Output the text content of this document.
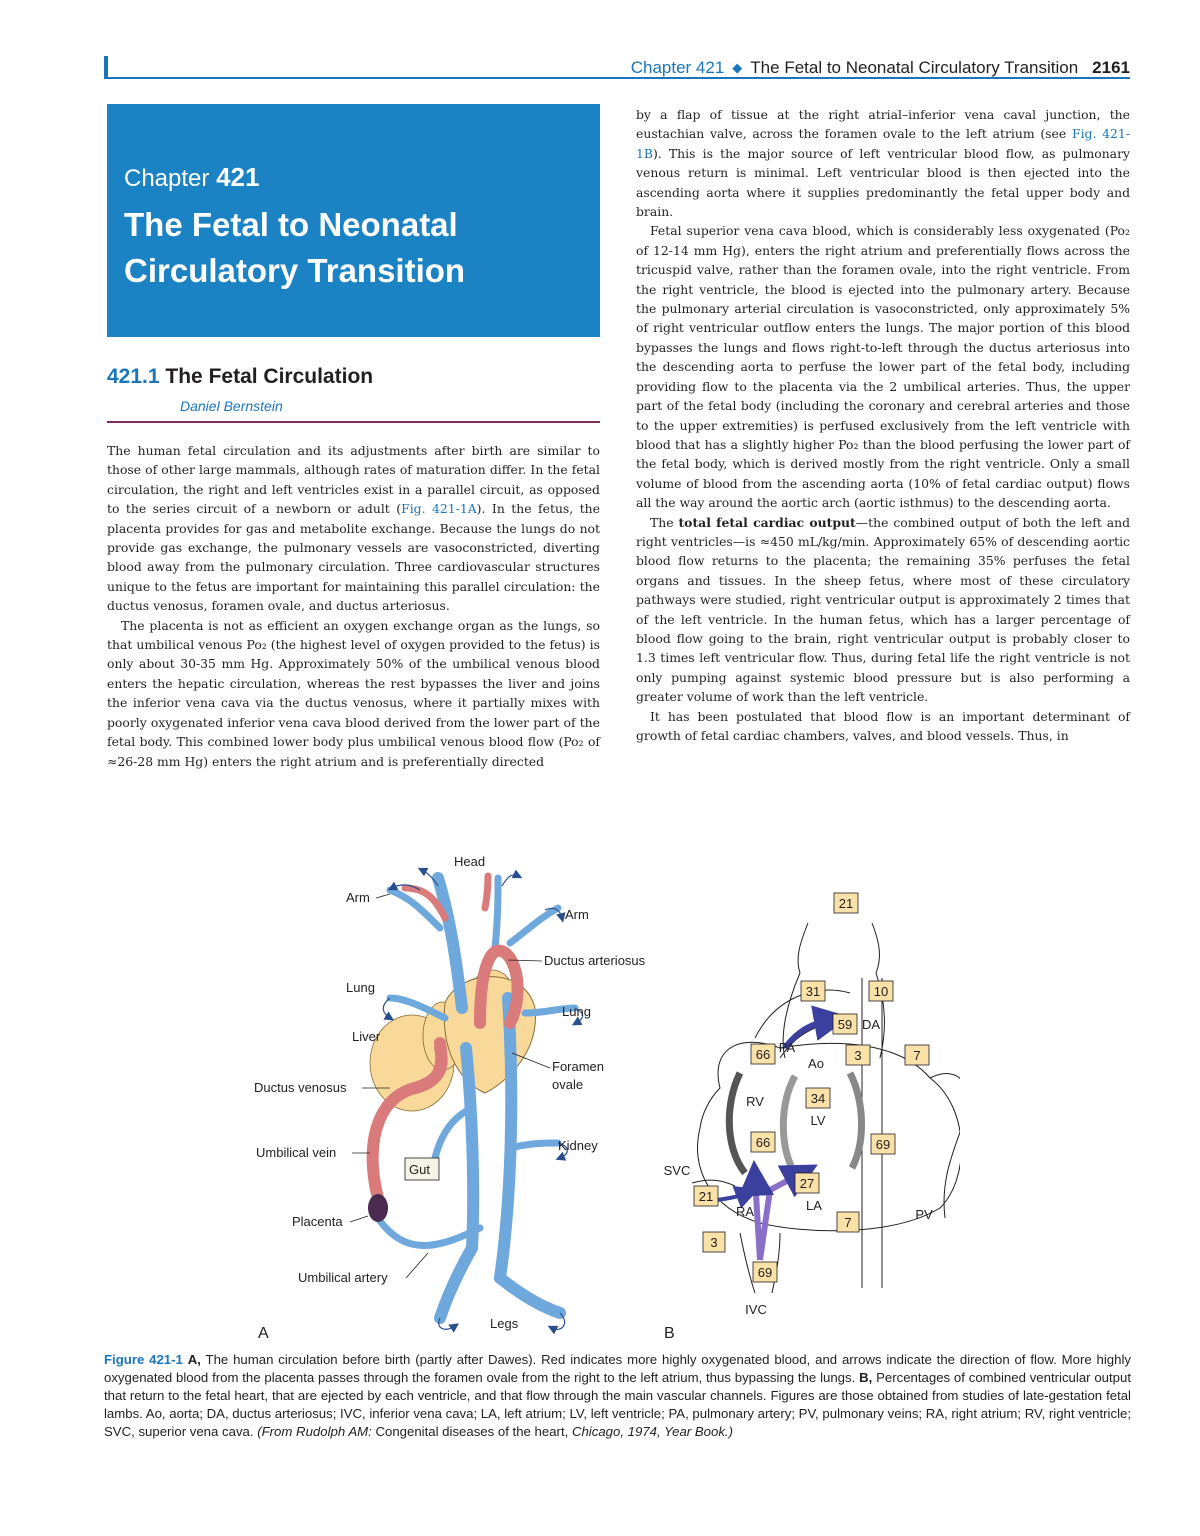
Chapter 421 ◆ The Fetal to Neonatal Circulatory Transition 2161
Chapter 421
The Fetal to Neonatal
Circulatory Transition
421.1 The Fetal Circulation
Daniel Bernstein

The human fetal circulation and its adjustments after birth are similar to those of other large mammals, although rates of maturation differ. In the fetal circulation, the right and left ventricles exist in a parallel circuit, as opposed to the series circuit of a newborn or adult (Fig. 421-1A). In the fetus, the placenta provides for gas and metabolite exchange. Because the lungs do not provide gas exchange, the pulmonary vessels are vasoconstricted, diverting blood away from the pulmonary circulation. Three cardiovascular structures unique to the fetus are important for maintaining this parallel circulation: the ductus venosus, foramen ovale, and ductus arteriosus.

The placenta is not as efficient an oxygen exchange organ as the lungs, so that umbilical venous Po₂ (the highest level of oxygen provided to the fetus) is only about 30-35 mm Hg. Approximately 50% of the umbilical venous blood enters the hepatic circulation, whereas the rest bypasses the liver and joins the inferior vena cava via the ductus venosus, where it partially mixes with poorly oxygenated inferior vena cava blood derived from the lower part of the fetal body. This combined lower body plus umbilical venous blood flow (Po₂ of ≈26-28 mm Hg) enters the right atrium and is preferentially directed

by a flap of tissue at the right atrial–inferior vena caval junction, the eustachian valve, across the foramen ovale to the left atrium (see Fig. 421-1B). This is the major source of left ventricular blood flow, as pulmonary venous return is minimal. Left ventricular blood is then ejected into the ascending aorta where it supplies predominantly the fetal upper body and brain.

Fetal superior vena cava blood, which is considerably less oxygenated (Po₂ of 12-14 mm Hg), enters the right atrium and preferentially flows across the tricuspid valve, rather than the foramen ovale, into the right ventricle. From the right ventricle, the blood is ejected into the pulmonary artery. Because the pulmonary arterial circulation is vasoconstricted, only approximately 5% of right ventricular outflow enters the lungs. The major portion of this blood bypasses the lungs and flows right-to-left through the ductus arteriosus into the descending aorta to perfuse the lower part of the fetal body, including providing flow to the placenta via the 2 umbilical arteries. Thus, the upper part of the fetal body (including the coronary and cerebral arteries and those to the upper extremities) is perfused exclusively from the left ventricle with blood that has a slightly higher Po₂ than the blood perfusing the lower part of the fetal body, which is derived mostly from the right ventricle. Only a small volume of blood from the ascending aorta (10% of fetal cardiac output) flows all the way around the aortic arch (aortic isthmus) to the descending aorta.

The total fetal cardiac output—the combined output of both the left and right ventricles—is ≈450 mL/kg/min. Approximately 65% of descending aortic blood flow returns to the placenta; the remaining 35% perfuses the fetal organs and tissues. In the sheep fetus, where most of these circulatory pathways were studied, right ventricular output is approximately 2 times that of the left ventricle. In the human fetus, which has a larger percentage of blood flow going to the brain, right ventricular output is probably closer to 1.3 times left ventricular flow. Thus, during fetal life the right ventricle is not only pumping against systemic blood pressure but is also performing a greater volume of work than the left ventricle.

It has been postulated that blood flow is an important determinant of growth of fetal cardiac chambers, valves, and blood vessels. Thus, in

Gut
Head
Arm
Arm
Ductus arteriosus
Lung
Lung
Liver
Foramen
ovale
Ductus venosus
Kidney
Umbilical vein
Placenta
Umbilical artery
Legs
A
RA
RV
LV
LA
PA
Ao
DA
SVC
IVC
PV
21
31	10
59
66	3	7
34
66	69
27
21
3
7
69
B
Figure 421-1 A, The human circulation before birth (partly after Dawes). Red indicates more highly oxygenated blood, and arrows indicate the direction of flow. More highly oxygenated blood from the placenta passes through the foramen ovale from the right to the left atrium, thus bypassing the lungs. B, Percentages of combined ventricular output that return to the fetal heart, that are ejected by each ventricle, and that flow through the main vascular channels. Figures are those obtained from studies of late-gestation fetal lambs. Ao, aorta; DA, ductus arteriosus; IVC, inferior vena cava; LA, left atrium; LV, left ventricle; PA, pulmonary artery; PV, pulmonary veins; RA, right atrium; RV, right ventricle; SVC, superior vena cava. (From Rudolph AM: Congenital diseases of the heart, Chicago, 1974, Year Book.)
